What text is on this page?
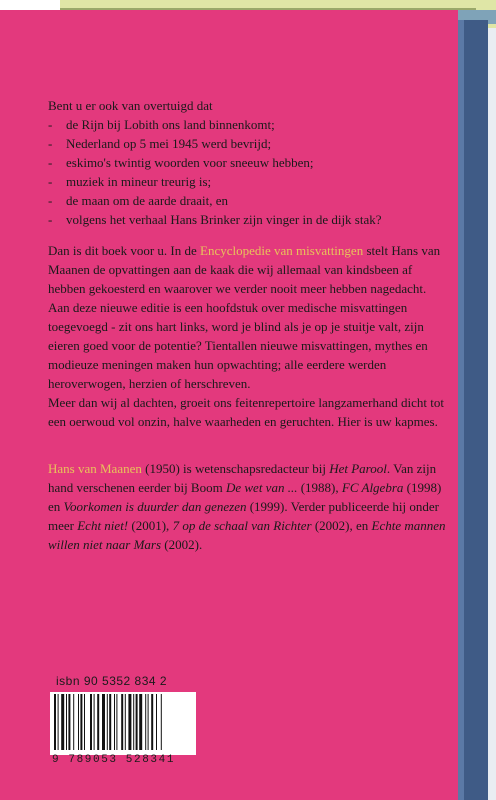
Bent u er ook van overtuigd dat

- de Rijn bij Lobith ons land binnenkomt;
- Nederland op 5 mei 1945 werd bevrijd;
- eskimo's twintig woorden voor sneeuw hebben;
- muziek in mineur treurig is;
- de maan om de aarde draait, en
- volgens het verhaal Hans Brinker zijn vinger in de dijk stak?

Dan is dit boek voor u. In de Encyclopedie van misvattingen stelt Hans van Maanen de opvattingen aan de kaak die wij allemaal van kindsbeen af hebben gekoesterd en waarover we verder nooit meer hebben nagedacht. Aan deze nieuwe editie is een hoofdstuk over medische misvattingen toegevoegd - zit ons hart links, word je blind als je op je stuitje valt, zijn eieren goed voor de potentie? Tientallen nieuwe misvattingen, mythes en modieuze meningen maken hun opwachting; alle eerdere werden heroverwogen, herzien of herschreven.

Meer dan wij al dachten, groeit ons feitenrepertoire langzamerhand dicht tot een oerwoud vol onzin, halve waarheden en geruchten. Hier is uw kapmes.

Hans van Maanen (1950) is wetenschapsredacteur bij Het Parool. Van zijn hand verschenen eerder bij Boom De wet van ... (1988), FC Algebra (1998) en Voorkomen is duurder dan genezen (1999). Verder publiceerde hij onder meer Echt niet! (2001), 7 op de schaal van Richter (2002), en Echte mannen willen niet naar Mars (2002).

isbn 90 5352 834 2
9 789053 528341
